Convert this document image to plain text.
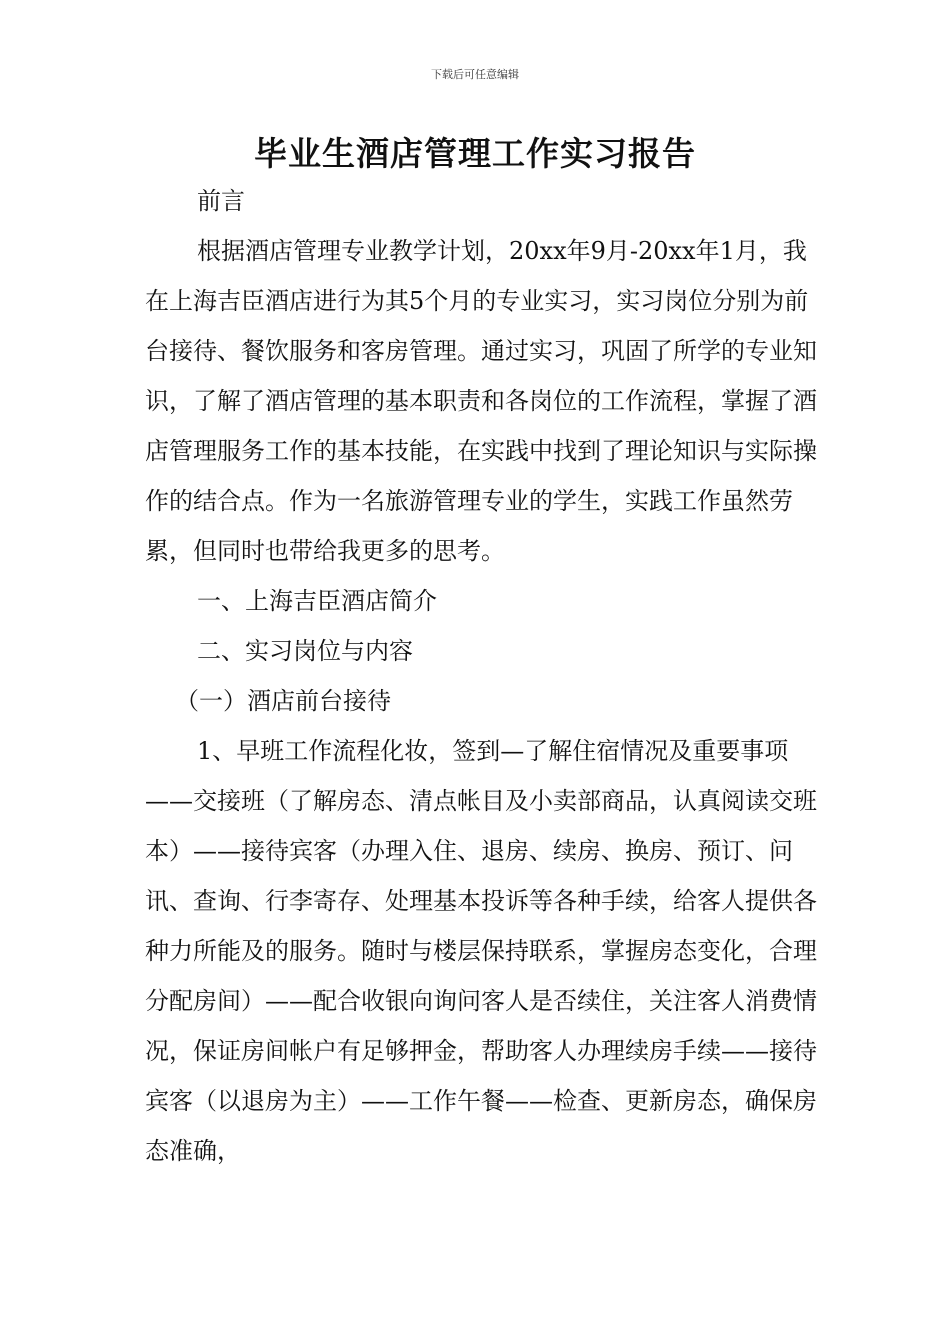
下载后可任意编辑
毕业生酒店管理工作实习报告

前言

根据酒店管理专业教学计划，20xx年9月-20xx年1月，我在上海吉臣酒店进行为其5个月的专业实习，实习岗位分别为前台接待、餐饮服务和客房管理。通过实习，巩固了所学的专业知识，了解了酒店管理的基本职责和各岗位的工作流程，掌握了酒店管理服务工作的基本技能，在实践中找到了理论知识与实际操作的结合点。作为一名旅游管理专业的学生，实践工作虽然劳累，但同时也带给我更多的思考。

一、上海吉臣酒店简介

二、实习岗位与内容

（一）酒店前台接待

1、早班工作流程化妆，签到—了解住宿情况及重要事项——交接班（了解房态、清点帐目及小卖部商品，认真阅读交班本）——接待宾客（办理入住、退房、续房、换房、预订、问讯、查询、行李寄存、处理基本投诉等各种手续，给客人提供各种力所能及的服务。随时与楼层保持联系，掌握房态变化，合理分配房间）——配合收银向询问客人是否续住，关注客人消费情况，保证房间帐户有足够押金，帮助客人办理续房手续——接待宾客（以退房为主）——工作午餐——检查、更新房态，确保房态准确，
